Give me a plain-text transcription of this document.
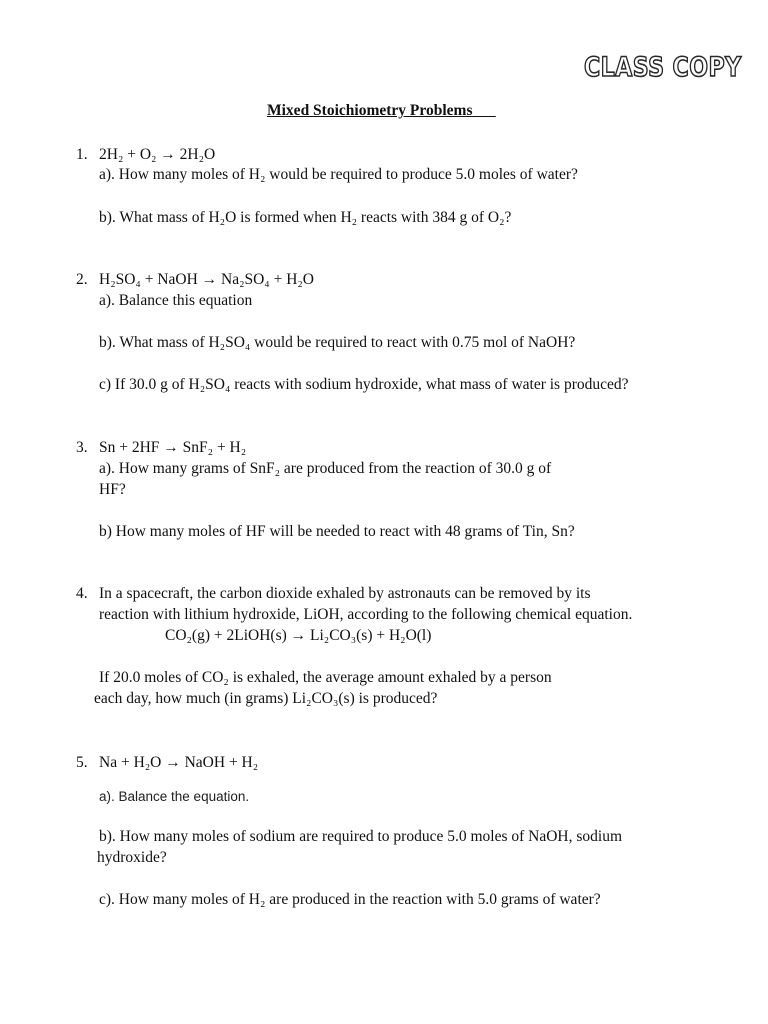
CLASS COPY
Mixed Stoichiometry Problems
1. 2H₂ + O₂ → 2H₂O
a). How many moles of H₂ would be required to produce 5.0 moles of water?
b). What mass of H₂O is formed when H₂ reacts with 384 g of O₂?
2. H₂SO₄ + NaOH → Na₂SO₄ + H₂O
a). Balance this equation
b). What mass of H₂SO₄ would be required to react with 0.75 mol of NaOH?
c) If 30.0 g of H₂SO₄ reacts with sodium hydroxide, what mass of water is produced?
3. Sn + 2HF → SnF₂ + H₂
a). How many grams of SnF₂ are produced from the reaction of 30.0 g of
HF?
b) How many moles of HF will be needed to react with 48 grams of Tin, Sn?
4. In a spacecraft, the carbon dioxide exhaled by astronauts can be removed by its
reaction with lithium hydroxide, LiOH, according to the following chemical equation.
CO₂(g) + 2LiOH(s) → Li₂CO₃(s) + H₂O(l)
If 20.0 moles of CO₂ is exhaled, the average amount exhaled by a person
each day, how much (in grams) Li₂CO₃(s) is produced?
5. Na + H₂O → NaOH + H₂
a). Balance the equation.
b). How many moles of sodium are required to produce 5.0 moles of NaOH, sodium
hydroxide?
c). How many moles of H₂ are produced in the reaction with 5.0 grams of water?
